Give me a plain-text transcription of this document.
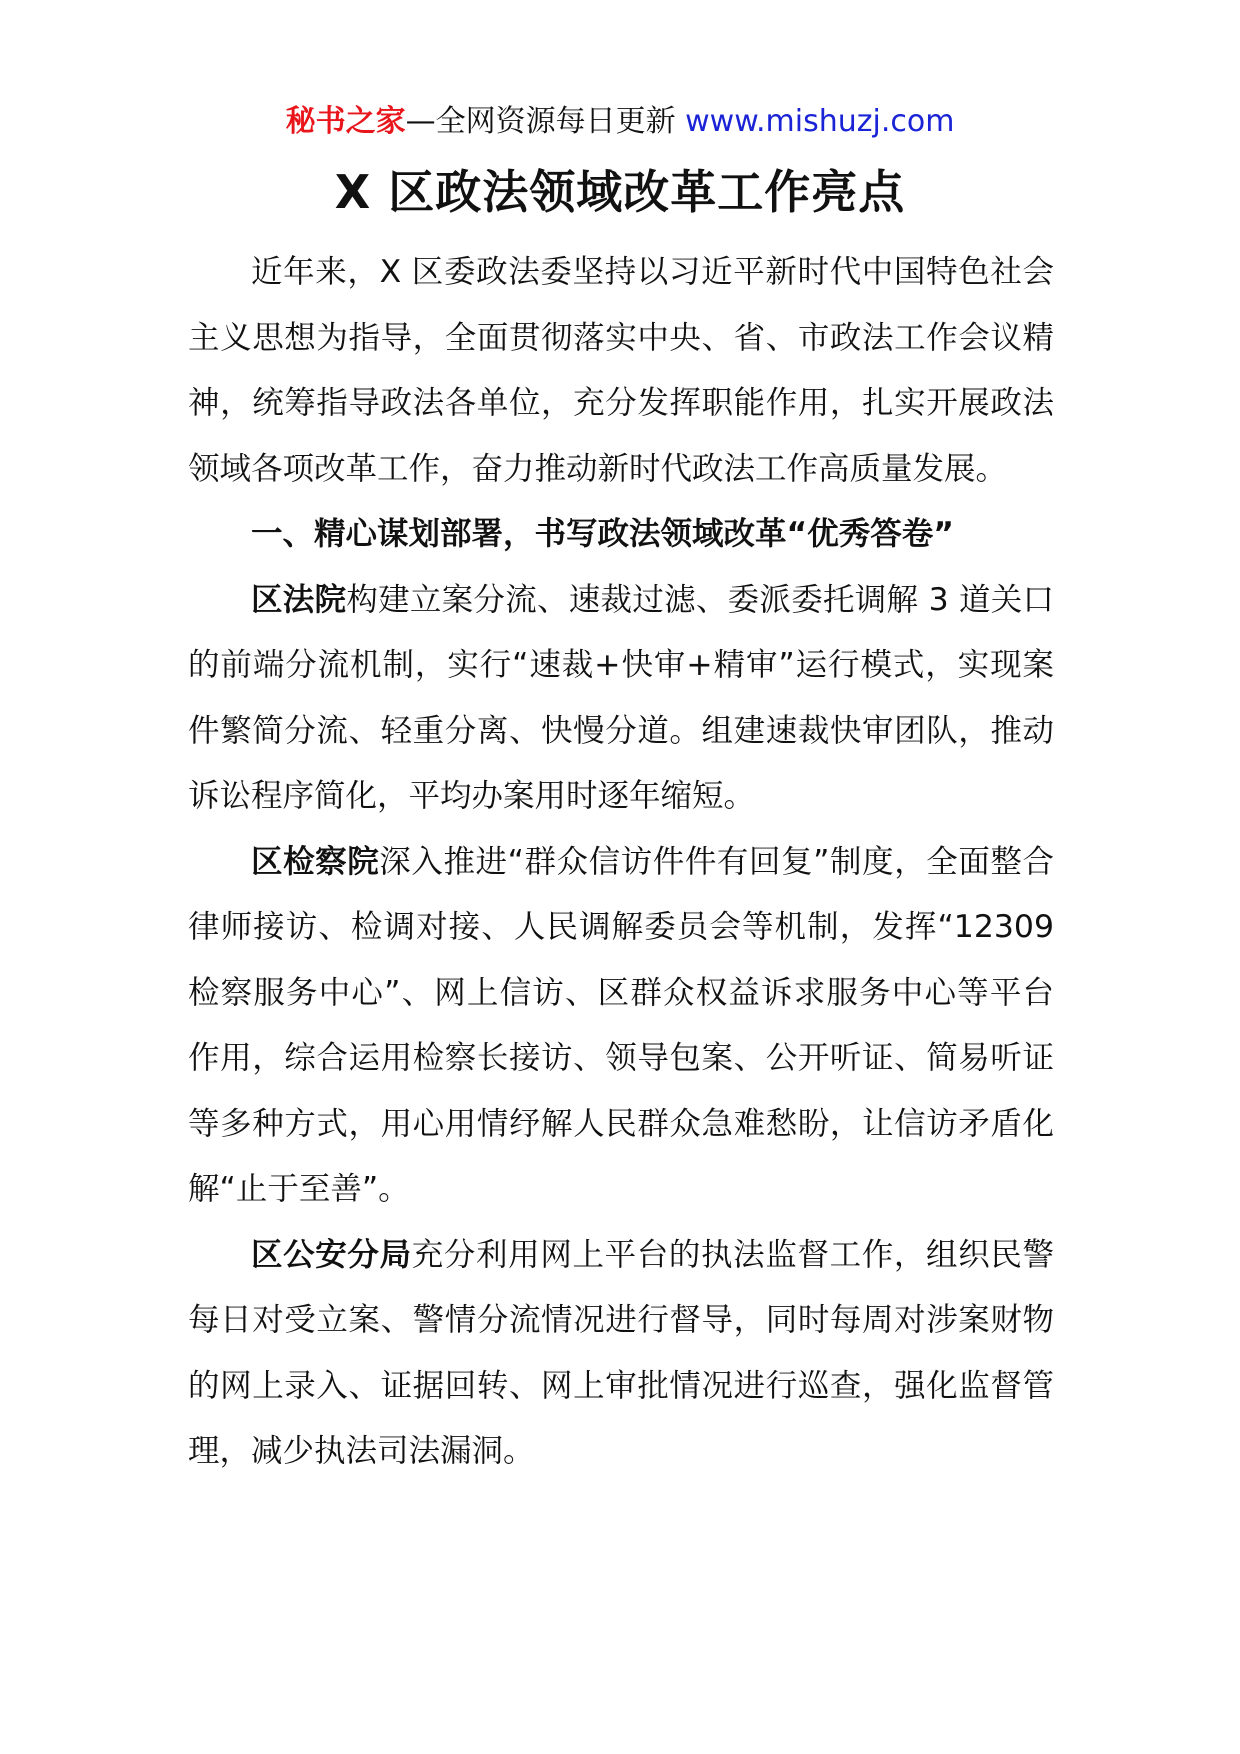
秘书之家—全网资源每日更新 www.mishuzj.com
X 区政法领域改革工作亮点

近年来，X 区委政法委坚持以习近平新时代中国特色社会主义思想为指导，全面贯彻落实中央、省、市政法工作会议精神，统筹指导政法各单位，充分发挥职能作用，扎实开展政法领域各项改革工作，奋力推动新时代政法工作高质量发展。

一、精心谋划部署，书写政法领域改革“优秀答卷”

区法院构建立案分流、速裁过滤、委派委托调解 3 道关口的前端分流机制，实行“速裁+快审+精审”运行模式，实现案件繁简分流、轻重分离、快慢分道。组建速裁快审团队，推动诉讼程序简化，平均办案用时逐年缩短。

区检察院深入推进“群众信访件件有回复”制度，全面整合律师接访、检调对接、人民调解委员会等机制，发挥“12309 检察服务中心”、网上信访、区群众权益诉求服务中心等平台作用，综合运用检察长接访、领导包案、公开听证、简易听证等多种方式，用心用情纾解人民群众急难愁盼，让信访矛盾化解“止于至善”。

区公安分局充分利用网上平台的执法监督工作，组织民警每日对受立案、警情分流情况进行督导，同时每周对涉案财物的网上录入、证据回转、网上审批情况进行巡查，强化监督管理，减少执法司法漏洞。
